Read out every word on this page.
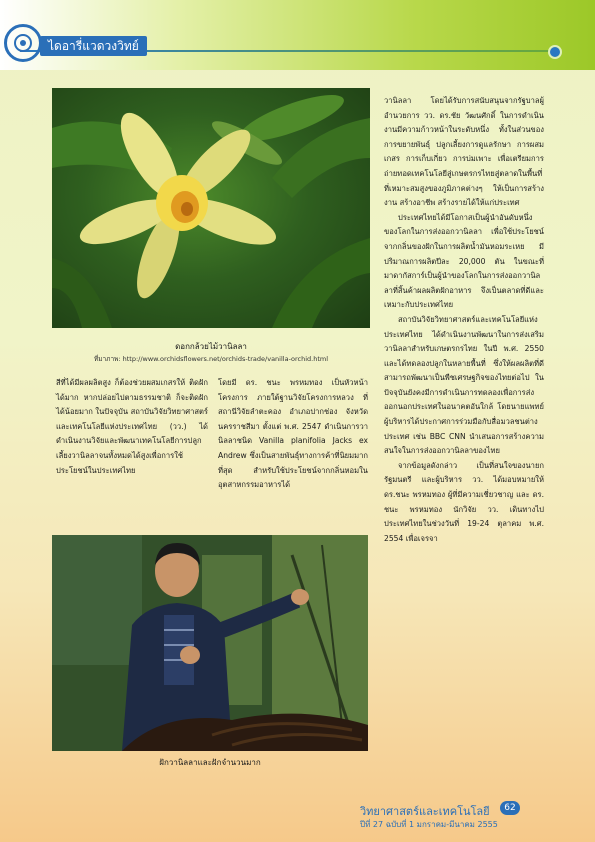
ไดอารี่แวดวงวิทย์
ดอกกล้วยไม้วานิลลา
ที่มาภาพ: http://www.orchidsflowers.net/orchids-trade/vanilla-orchid.html

สีที่ได้มีผลผลิตสูง ก็ต้องช่วยผสมเกสรให้ ติดฝักได้มาก หากปล่อยไปตามธรรมชาติ ก็จะติดฝักได้น้อยมาก ในปัจจุบัน สถาบันวิจัยวิทยาศาสตร์และเทคโนโลยีแห่งประเทศไทย (วว.) ได้ดำเนินงานวิจัยและพัฒนาเทคโนโลยีการปลูกเลี้ยงวานิลลาจนทั้งหมดได้สูงเพื่อการใช้ประโยชน์ในประเทศไทย

โดยมี ดร. ชนะ พรหมทอง เป็นหัวหน้าโครงการ ภายใต้ฐานวิจัยโครงการหลวง ที่สถานีวิจัยลำตะคอง อำเภอปากช่อง จังหวัดนครราชสีมา ตั้งแต่ พ.ศ. 2547 ดำเนินการวานิลลาชนิด Vanilla planifolia Jacks ex Andrew ซึ่งเป็นสายพันธุ์ทางการค้าที่นิยมมากที่สุด สำหรับใช้ประโยชน์จากกลิ่นหอมในอุตสาหกรรมอาหารได้

วานิลลา โดยได้รับการสนับสนุนจากรัฐบาลผู้อำนวยการ วว. ดร.ชัย วัฒนศักดิ์ ในการดำเนินงานมีความก้าวหน้าในระดับหนึ่ง ทั้งในส่วนของการขยายพันธุ์ ปลูกเลี้ยงการดูแลรักษา การผสมเกสร การเก็บเกี่ยว การบ่มเพาะ เพื่อเตรียมการถ่ายทอดเทคโนโลยีสู่เกษตรกรไทยสู่ตลาดในพื้นที่ที่เหมาะสมสูงของภูมิภาคต่างๆ ให้เป็นการสร้างงาน สร้างอาชีพ สร้างรายได้ให้แก่ประเทศ

ประเทศไทยได้มีโอกาสเป็นผู้นำอันดับหนึ่งของโลกในการส่งออกวานิลลา เพื่อใช้ประโยชน์จากกลิ่นของฝักในการผลิตน้ำมันหอมระเหย มีปริมาณการผลิตปีละ 20,000 ตัน ในขณะที่มาดากัสการ์เป็นผู้นำของโลกในการส่งออกวานิลลาที่สิ้นค้าผลผลิตฝักอาหาร จึงเป็นตลาดที่ดีและเหมาะกับประเทศไทย

สถาบันวิจัยวิทยาศาสตร์และเทคโนโลยีแห่งประเทศไทย ได้ดำเนินงานพัฒนาในการส่งเสริมวานิลลาสำหรับเกษตรกรไทย ในปี พ.ศ. 2550 และได้ทดลองปลูกในหลายพื้นที่ ซึ่งให้ผลผลิตที่ดี สามารถพัฒนาเป็นพืชเศรษฐกิจของไทยต่อไป ในปัจจุบันยังคงมีการดำเนินการทดลองเพื่อการส่งออกนอกประเทศในอนาคตอันใกล้ โดยนายแพทย์ผู้บริหารได้ประกาศการร่วมมือกับสื่อมวลชนต่างประเทศ เช่น BBC CNN นำเสนอการสร้างความสนใจในการส่งออกวานิลลาของไทย

จากข้อมูลดังกล่าว เป็นที่สนใจของนายกรัฐมนตรี และผู้บริหาร วว. ได้มอบหมายให้ ดร.ชนะ พรหมทอง ผู้ที่มีความเชี่ยวชาญ และ ดร. ชนะ พรหมทอง นักวิจัย วว. เดินทางไปประเทศไทยในช่วงวันที่ 19-24 ตุลาคม พ.ศ. 2554 เพื่อเจรจา

ฝักวานิลลาและฝักจำนวนมาก
วิทยาศาสตร์และเทคโนโลยี	62
ปีที่ 27 ฉบับที่ 1 มกราคม-มีนาคม 2555
